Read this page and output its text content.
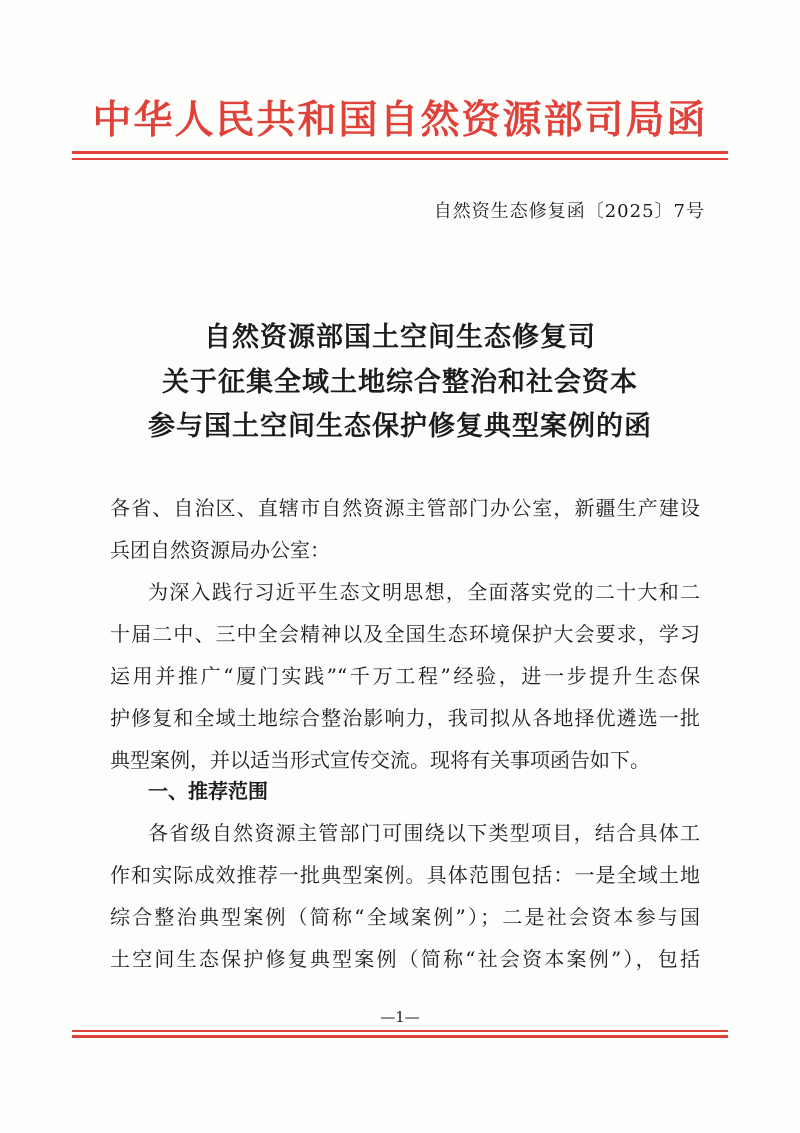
中华人民共和国自然资源部司局函
自然资生态修复函〔2025〕7号
自然资源部国土空间生态修复司
关于征集全域土地综合整治和社会资本
参与国土空间生态保护修复典型案例的函
各省、自治区、直辖市自然资源主管部门办公室，新疆生产建设
兵团自然资源局办公室：
为深入践行习近平生态文明思想，全面落实党的二十大和二
十届二中、三中全会精神以及全国生态环境保护大会要求，学习
运用并推广“厦门实践”“千万工程”经验，进一步提升生态保
护修复和全域土地综合整治影响力，我司拟从各地择优遴选一批
典型案例，并以适当形式宣传交流。现将有关事项函告如下。
一、推荐范围
各省级自然资源主管部门可围绕以下类型项目，结合具体工
作和实际成效推荐一批典型案例。具体范围包括：一是全域土地
综合整治典型案例（简称“全域案例”）；二是社会资本参与国
土空间生态保护修复典型案例（简称“社会资本案例”），包括
—1—
